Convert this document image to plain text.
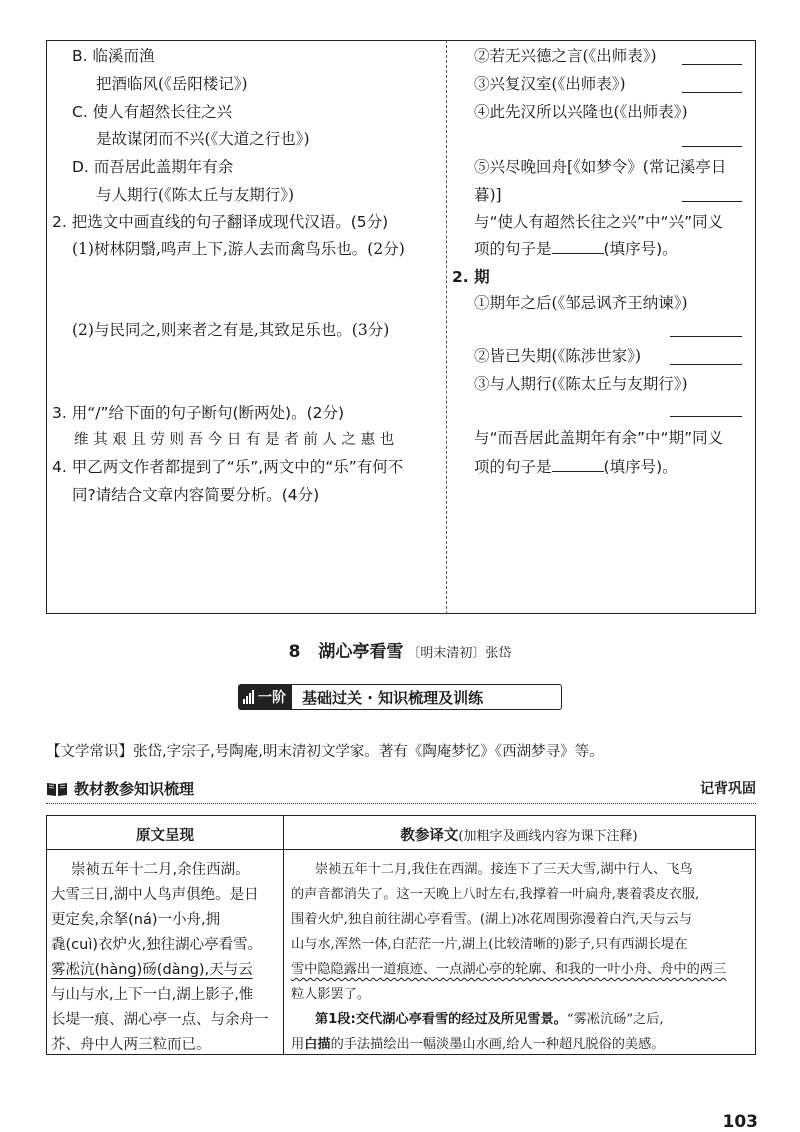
B. 临溪而渔
把酒临风(《岳阳楼记》)
C. 使人有超然长往之兴
是故谋闭而不兴(《大道之行也》)
D. 而吾居此盖期年有余
与人期行(《陈太丘与友期行》)
2. 把选文中画直线的句子翻译成现代汉语。(5分)
(1)树林阴翳,鸣声上下,游人去而禽鸟乐也。(2分)
(2)与民同之,则来者之有是,其致足乐也。(3分)
3. 用“/”给下面的句子断句(断两处)。(2分)
维 其 艰 且 劳 则 吾 今 日 有 是 者 前 人 之 惠 也
4. 甲乙两文作者都提到了“乐”,两文中的“乐”有何不
同?请结合文章内容简要分析。(4分)
②若无兴德之言(《出师表》)
③兴复汉室(《出师表》)
④此先汉所以兴隆也(《出师表》)
⑤兴尽晚回舟[《如梦令》(常记溪亭日
暮)]
与“使人有超然长往之兴”中“兴”同义
项的句子是	(填序号)。
2. 期
①期年之后(《邹忌讽齐王纳谏》)
②皆已失期(《陈涉世家》)
③与人期行(《陈太丘与友期行》)
与“而吾居此盖期年有余”中“期”同义
项的句子是	(填序号)。
8 湖心亭看雪 〔明末清初〕张岱
一阶	基础过关 · 知识梳理及训练
【文学常识】张岱,字宗子,号陶庵,明末清初文学家。著有《陶庵梦忆》《西湖梦寻》等。
教材教参知识梳理	记背巩固
原文呈现	教参译文(加粗字及画线内容为课下注释)
崇祯五年十二月,余住西湖。
大雪三日,湖中人鸟声俱绝。是日
更定矣,余拏(ná)一小舟,拥
毳(cuì)衣炉火,独往湖心亭看雪。
雾凇沆(hàng)砀(dàng),天与云
与山与水,上下一白,湖上影子,惟
长堤一痕、湖心亭一点、与余舟一
芥、舟中人两三粒而已。
崇祯五年十二月,我住在西湖。接连下了三天大雪,湖中行人、飞鸟
的声音都消失了。这一天晚上八时左右,我撑着一叶扁舟,裹着裘皮衣服,
围着火炉,独自前往湖心亭看雪。(湖上)冰花周围弥漫着白汽,天与云与
山与水,浑然一体,白茫茫一片,湖上(比较清晰的)影子,只有西湖长堤在
雪中隐隐露出一道痕迹、一点湖心亭的轮廓、和我的一叶小舟、舟中的两三
粒人影罢了。
第1段:交代湖心亭看雪的经过及所见雪景。“雾凇沆砀”之后,
用白描的手法描绘出一幅淡墨山水画,给人一种超凡脱俗的美感。
103
